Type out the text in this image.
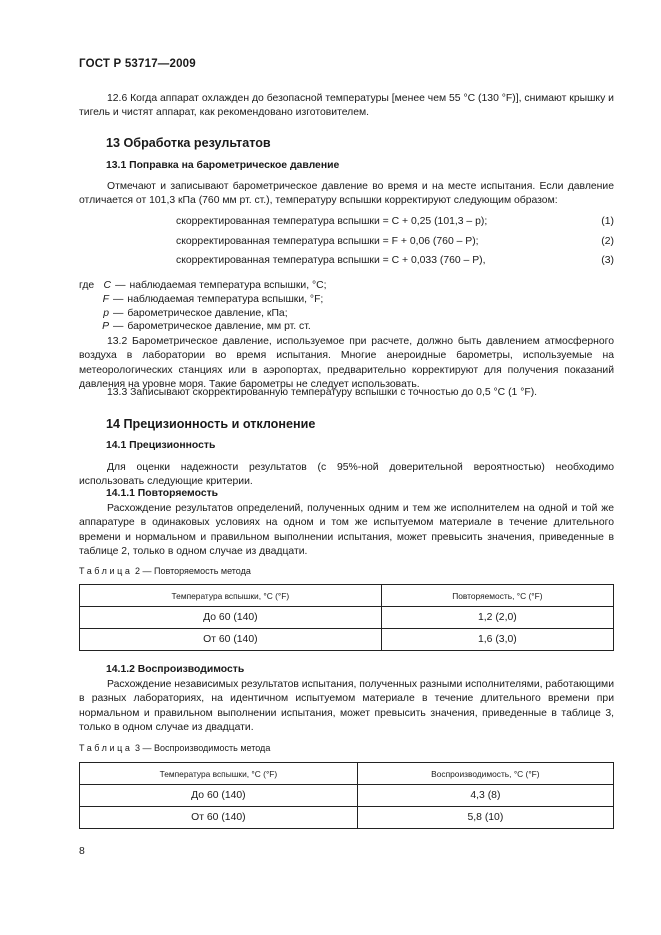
ГОСТ Р 53717—2009
12.6 Когда аппарат охлажден до безопасной температуры [менее чем 55 °С (130 °F)], снимают крышку и тигель и чистят аппарат, как рекомендовано изготовителем.
13 Обработка результатов
13.1 Поправка на барометрическое давление
Отмечают и записывают барометрическое давление во время и на месте испытания. Если давление отличается от 101,3 кПа (760 мм рт. ст.), температуру вспышки корректируют следующим образом:
скорректированная температура вспышки = C + 0,25 (101,3 – p);	(1)
скорректированная температура вспышки = F + 0,06 (760 – P);	(2)
скорректированная температура вспышки = C + 0,033 (760 – P),	(3)
где C — наблюдаемая температура вспышки, °С;
F — наблюдаемая температура вспышки, °F;
p — барометрическое давление, кПа;
P — барометрическое давление, мм рт. ст.
13.2 Барометрическое давление, используемое при расчете, должно быть давлением атмосферного воздуха в лаборатории во время испытания. Многие анероидные барометры, используемые на метеорологических станциях или в аэропортах, предварительно корректируют для получения показаний давления на уровне моря. Такие барометры не следует использовать.
13.3 Записывают скорректированную температуру вспышки с точностью до 0,5 °С (1 °F).
14 Прецизионность и отклонение
14.1 Прецизионность
Для оценки надежности результатов (с 95%-ной доверительной вероятностью) необходимо использовать следующие критерии.
14.1.1 Повторяемость
Расхождение результатов определений, полученных одним и тем же исполнителем на одной и той же аппаратуре в одинаковых условиях на одном и том же испытуемом материале в течение длительного времени и нормальном и правильном выполнении испытания, может превысить значения, приведенные в таблице 2, только в одном случае из двадцати.
Таблица 2 — Повторяемость метода
Температура вспышки, °С (°F)	Повторяемость, °С (°F)
До 60 (140)	1,2 (2,0)
От 60 (140)	1,6 (3,0)
14.1.2 Воспроизводимость
Расхождение независимых результатов испытания, полученных разными исполнителями, работающими в разных лабораториях, на идентичном испытуемом материале в течение длительного времени при нормальном и правильном выполнении испытания, может превысить значения, приведенные в таблице 3, только в одном случае из двадцати.
Таблица 3 — Воспроизводимость метода
Температура вспышки, °С (°F)	Воспроизводимость, °С (°F)
До 60 (140)	4,3 (8)
От 60 (140)	5,8 (10)
8
